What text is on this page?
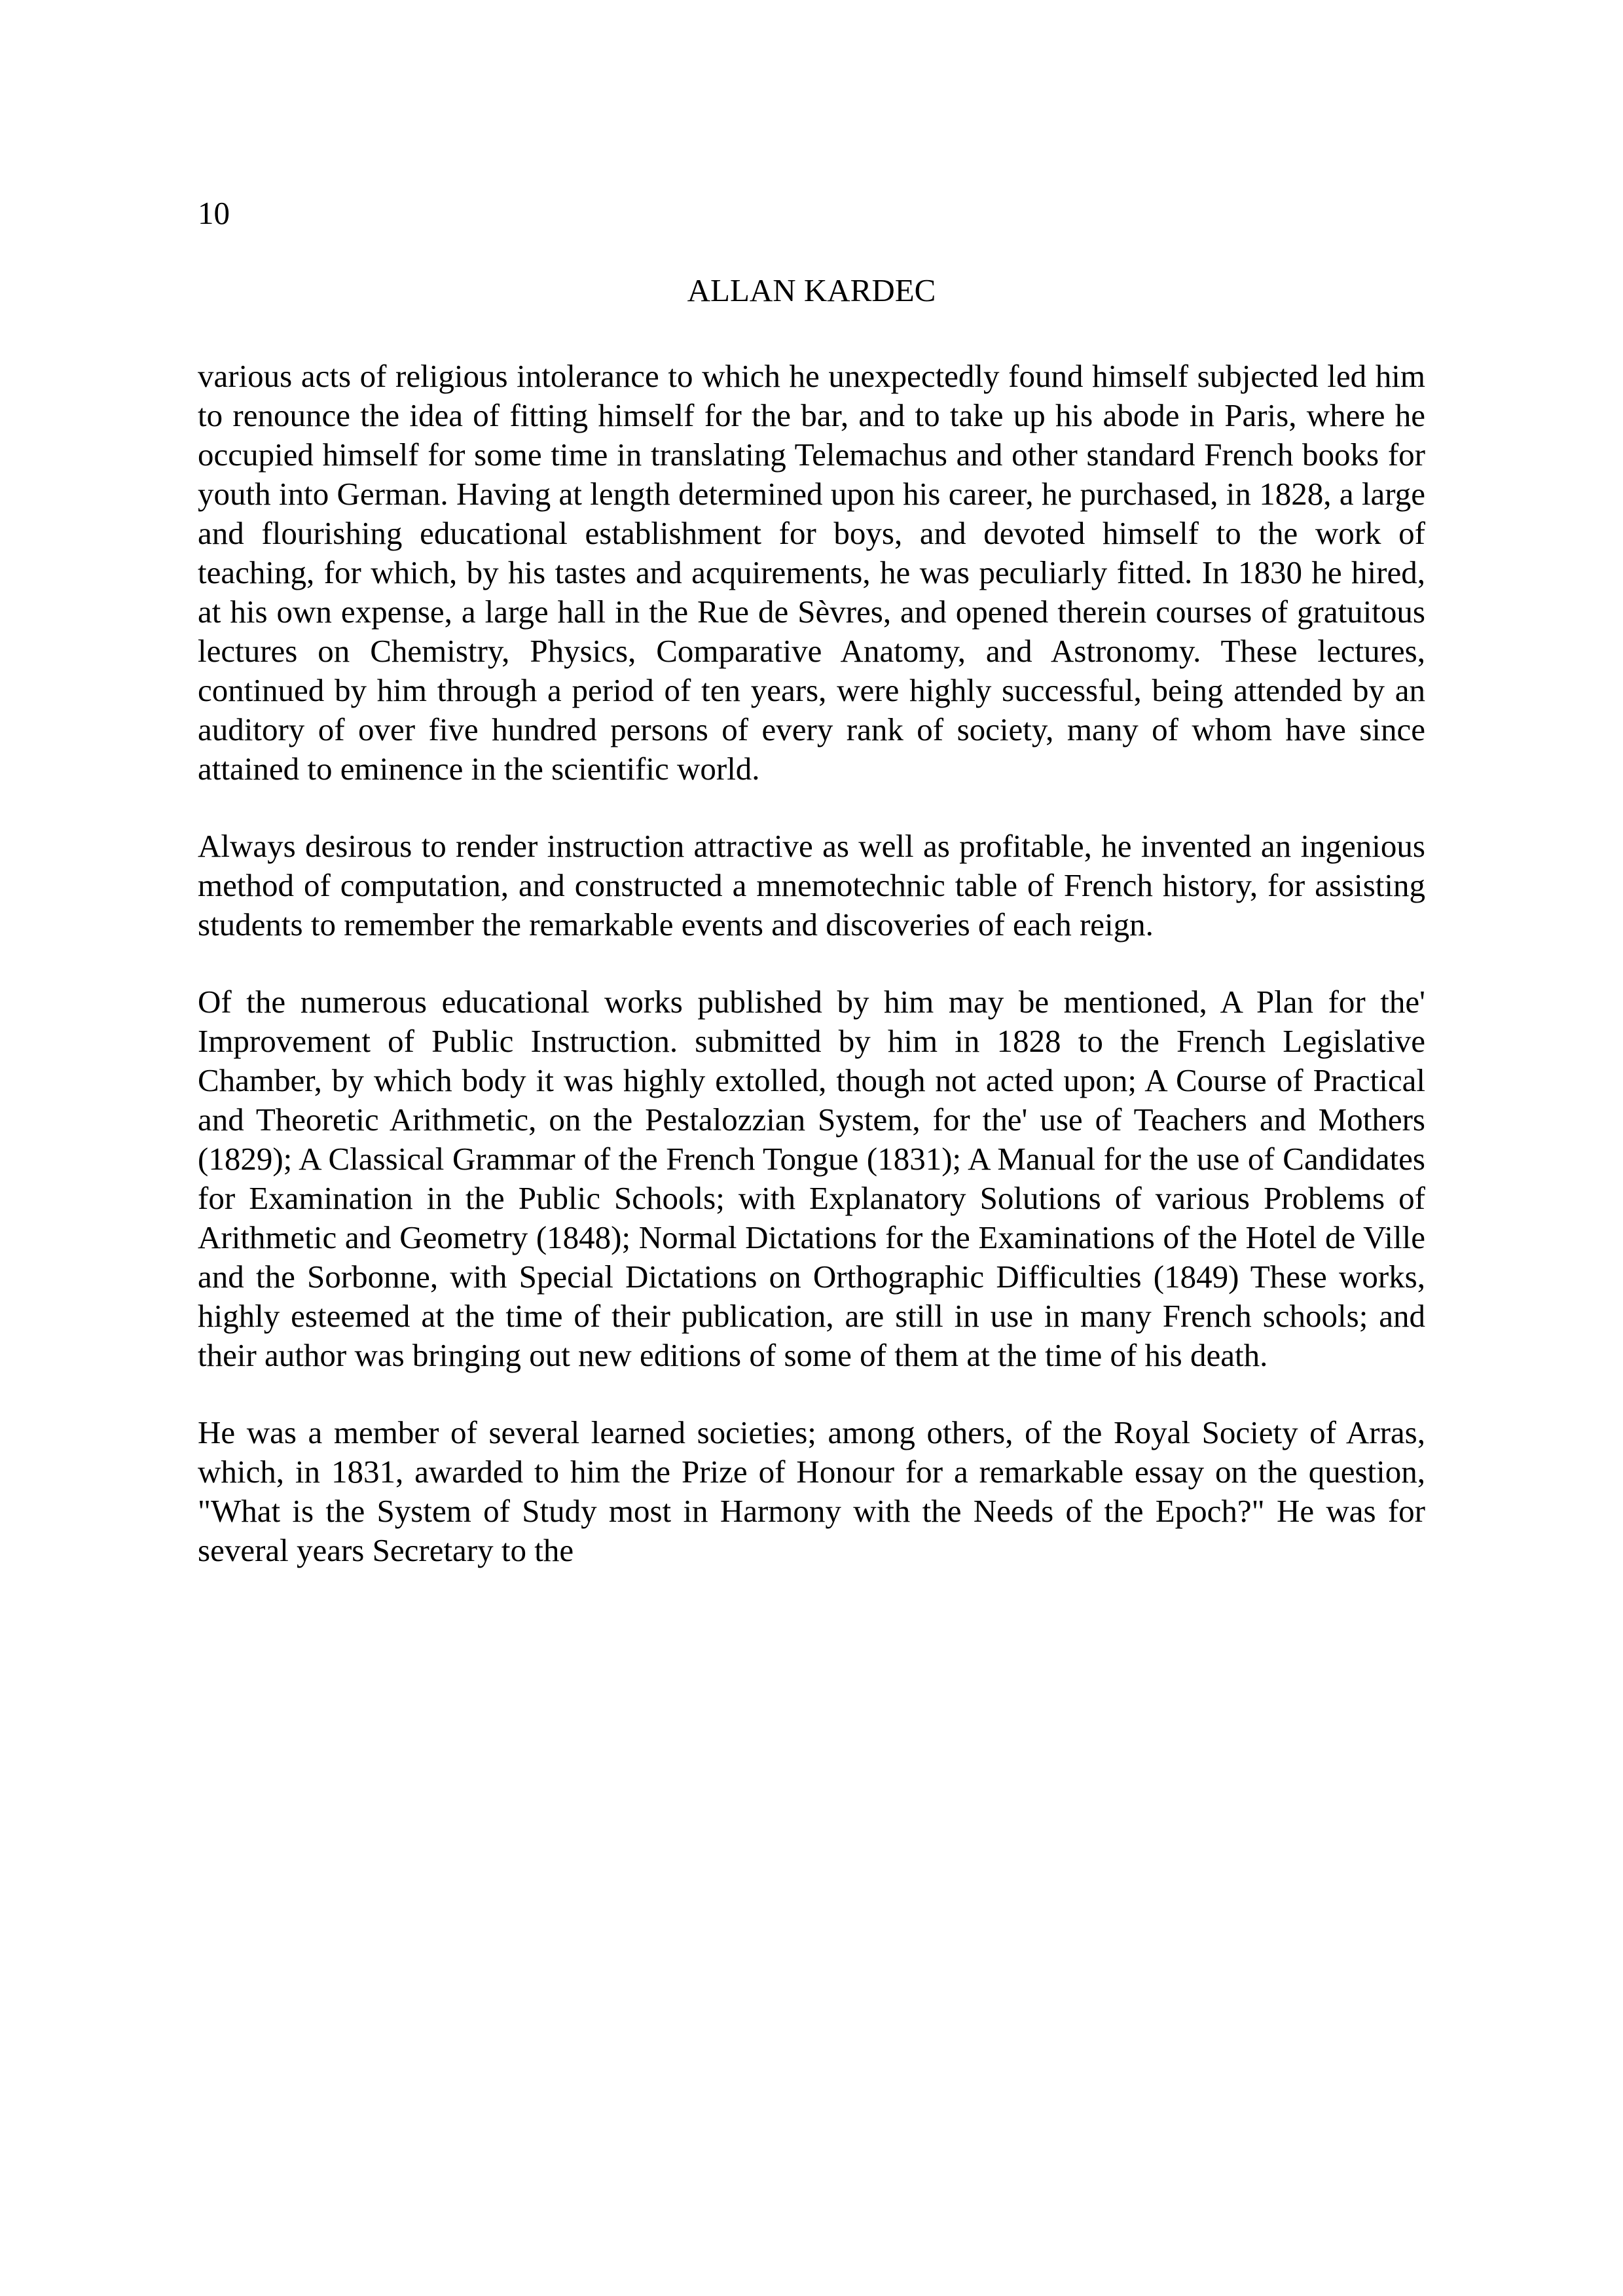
10

ALLAN KARDEC

various acts of religious intolerance to which he unexpectedly found himself subjected led him to renounce the idea of fitting himself for the bar, and to take up his abode in Paris, where he occupied himself for some time in translating Telemachus and other standard French books for youth into German. Having at length determined upon his career, he purchased, in 1828, a large and flourishing educational establishment for boys, and devoted himself to the work of teaching, for which, by his tastes and acquirements, he was peculiarly fitted. In 1830 he hired, at his own expense, a large hall in the Rue de Sèvres, and opened therein courses of gratuitous lectures on Chemistry, Physics, Comparative Anatomy, and Astronomy. These lectures, continued by him through a period of ten years, were highly successful, being attended by an auditory of over five hundred persons of every rank of society, many of whom have since attained to eminence in the scientific world.

Always desirous to render instruction attractive as well as profitable, he invented an ingenious method of computation, and constructed a mnemotechnic table of French history, for assisting students to remember the remarkable events and discoveries of each reign.

Of the numerous educational works published by him may be mentioned, A Plan for the' Improvement of Public Instruction. submitted by him in 1828 to the French Legislative Chamber, by which body it was highly extolled, though not acted upon; A Course of Practical and Theoretic Arithmetic, on the Pestalozzian System, for the' use of Teachers and Mothers (1829); A Classical Grammar of the French Tongue (1831); A Manual for the use of Candidates for Examination in the Public Schools; with Explanatory Solutions of various Problems of Arithmetic and Geometry (1848); Normal Dictations for the Examinations of the Hotel de Ville and the Sorbonne, with Special Dictations on Orthographic Difficulties (1849) These works, highly esteemed at the time of their publication, are still in use in many French schools; and their author was bringing out new editions of some of them at the time of his death.

He was a member of several learned societies; among others, of the Royal Society of Arras, which, in 1831, awarded to him the Prize of Honour for a remarkable essay on the question, "What is the System of Study most in Harmony with the Needs of the Epoch?" He was for several years Secretary to the
